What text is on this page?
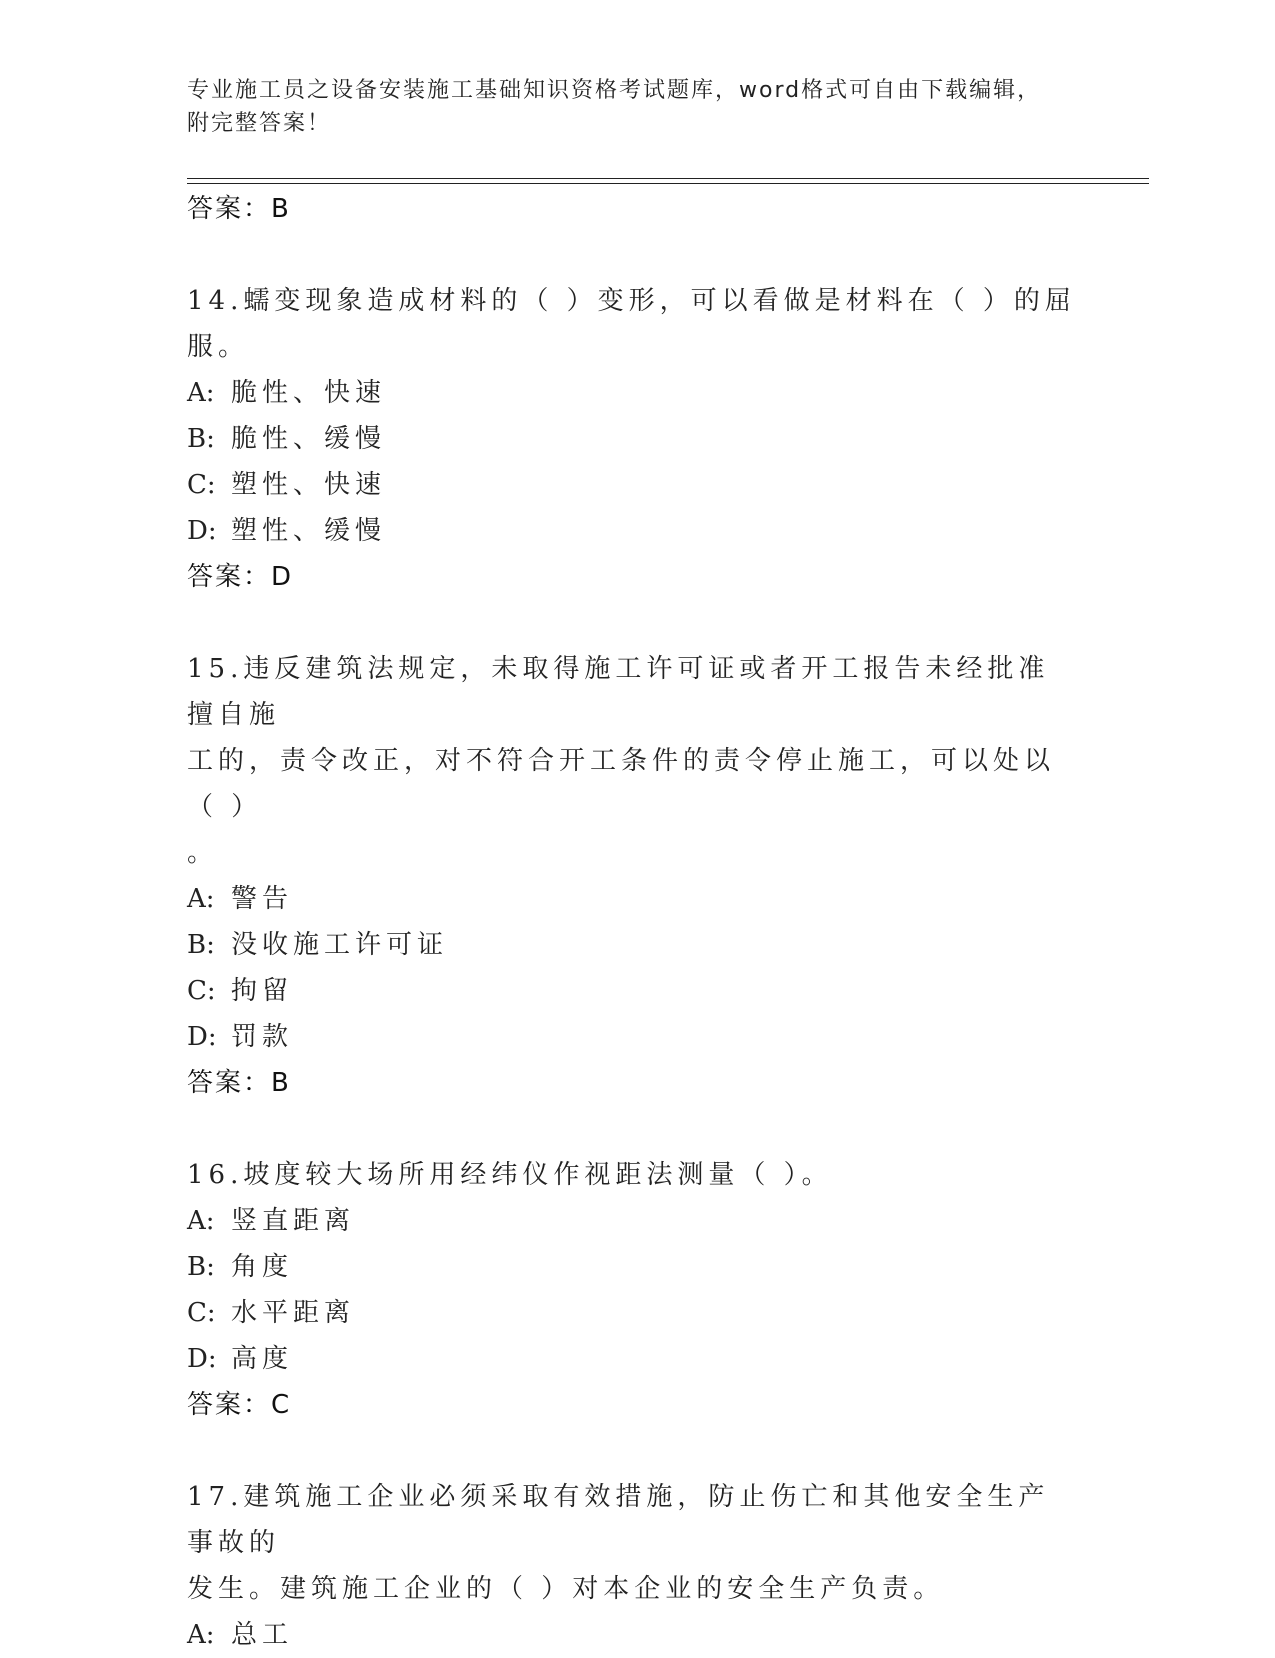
专业施工员之设备安装施工基础知识资格考试题库，word格式可自由下载编辑，
附完整答案！
答案：B
14.蠕变现象造成材料的（ ）变形，可以看做是材料在（ ）的屈服。
A: 脆性、快速
B: 脆性、缓慢
C: 塑性、快速
D: 塑性、缓慢
答案：D
15.违反建筑法规定，未取得施工许可证或者开工报告未经批准擅自施
工的，责令改正，对不符合开工条件的责令停止施工，可以处以（ ）
。
A: 警告
B: 没收施工许可证
C: 拘留
D: 罚款
答案：B
16.坡度较大场所用经纬仪作视距法测量（ ）。
A: 竖直距离
B: 角度
C: 水平距离
D: 高度
答案：C
17.建筑施工企业必须采取有效措施，防止伤亡和其他安全生产事故的
发生。建筑施工企业的（ ）对本企业的安全生产负责。
A: 总工
